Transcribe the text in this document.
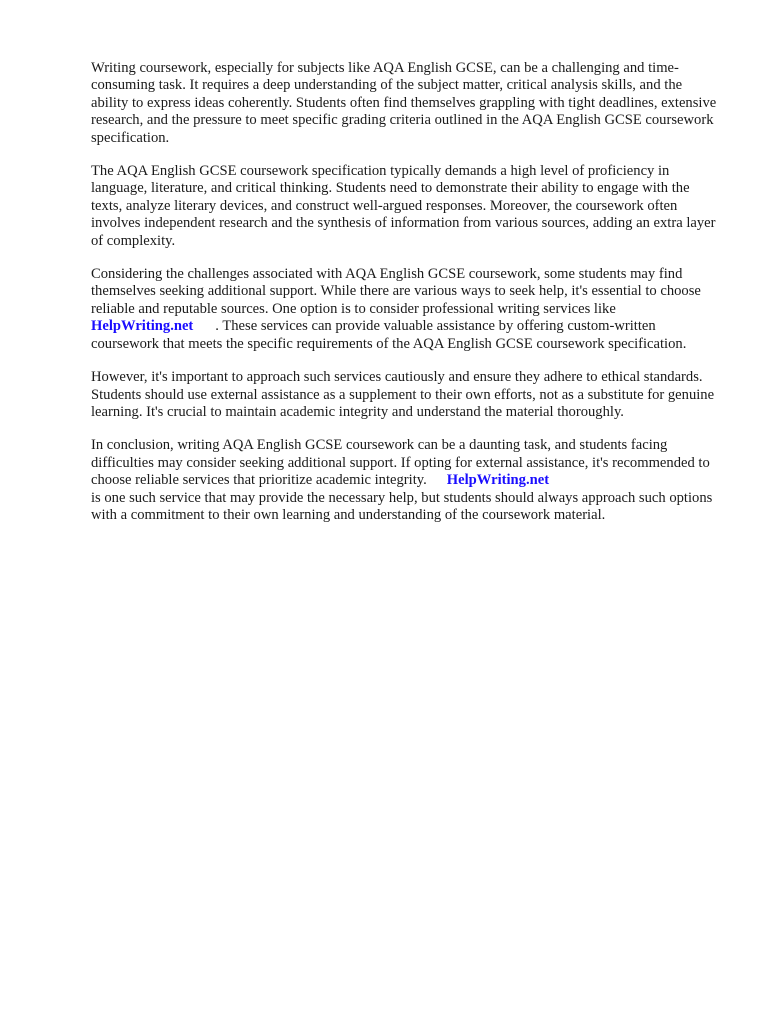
Writing coursework, especially for subjects like AQA English GCSE, can be a challenging and time-consuming task. It requires a deep understanding of the subject matter, critical analysis skills, and the ability to express ideas coherently. Students often find themselves grappling with tight deadlines, extensive research, and the pressure to meet specific grading criteria outlined in the AQA English GCSE coursework specification.

The AQA English GCSE coursework specification typically demands a high level of proficiency in language, literature, and critical thinking. Students need to demonstrate their ability to engage with the texts, analyze literary devices, and construct well-argued responses. Moreover, the coursework often involves independent research and the synthesis of information from various sources, adding an extra layer of complexity.

Considering the challenges associated with AQA English GCSE coursework, some students may find themselves seeking additional support. While there are various ways to seek help, it's essential to choose reliable and reputable sources. One option is to consider professional writing services like
HelpWriting.net . These services can provide valuable assistance by offering custom-written coursework that meets the specific requirements of the AQA English GCSE coursework specification.

However, it's important to approach such services cautiously and ensure they adhere to ethical standards. Students should use external assistance as a supplement to their own efforts, not as a substitute for genuine learning. It's crucial to maintain academic integrity and understand the material thoroughly.

In conclusion, writing AQA English GCSE coursework can be a daunting task, and students facing difficulties may consider seeking additional support. If opting for external assistance, it's recommended to choose reliable services that prioritize academic integrity. HelpWriting.net
is one such service that may provide the necessary help, but students should always approach such options with a commitment to their own learning and understanding of the coursework material.
